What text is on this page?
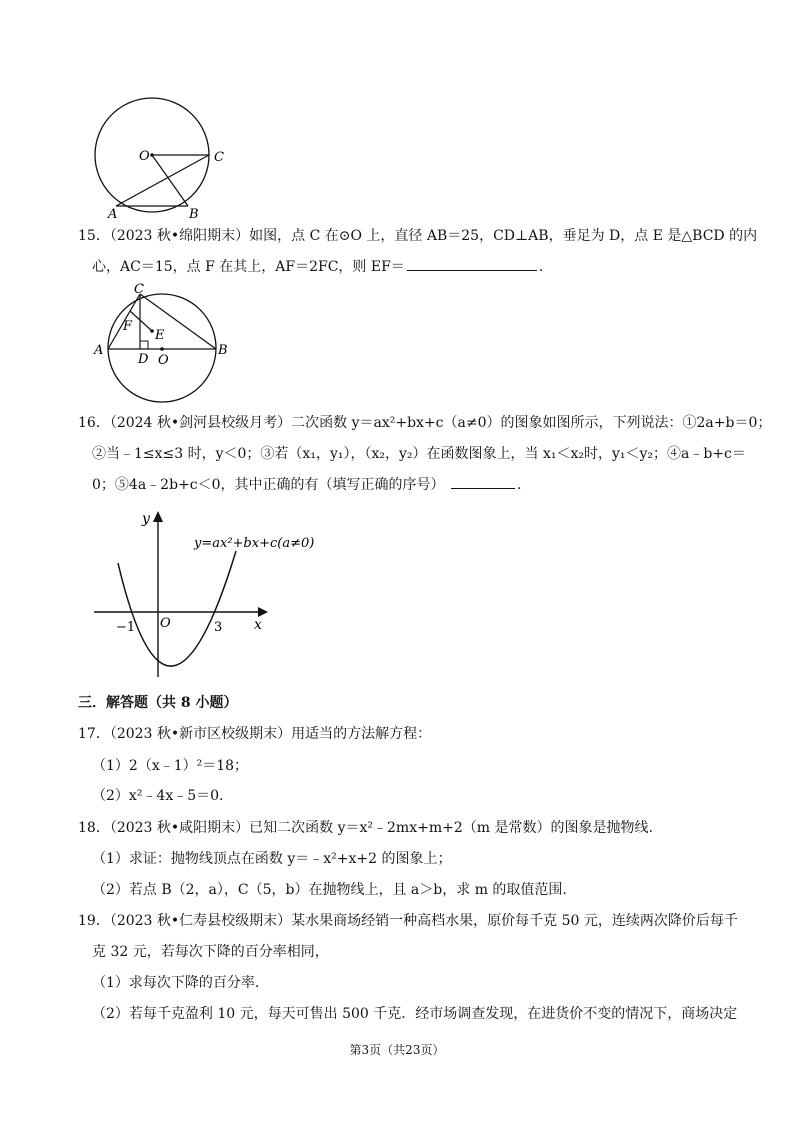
O	C
A	B
15．（2023 秋•绵阳期末）如图，点 C 在⊙O 上，直径 AB＝25，CD⊥AB，垂足为 D，点 E 是△BCD 的内
心，AC＝15，点 F 在其上，AF＝2FC，则 EF＝	.
C
F
E
A
D O
B
16．（2024 秋•剑河县校级月考）二次函数 y＝ax²+bx+c（a≠0）的图象如图所示，下列说法：①2a+b＝0；
②当﹣1≤x≤3 时，y＜0；③若（x₁，y₁），（x₂，y₂）在函数图象上，当 x₁＜x₂时，y₁＜y₂；④a﹣b+c＝
0；⑤4a﹣2b+c＜0，其中正确的有（填写正确的序号）	.
y
x
O
−1	3
y=ax²+bx+c(a≠0)
三．解答题（共 8 小题）
17．（2023 秋•新市区校级期末）用适当的方法解方程：
（1）2（x﹣1）²＝18；
（2）x²﹣4x﹣5＝0.
18．（2023 秋•咸阳期末）已知二次函数 y＝x²﹣2mx+m+2（m 是常数）的图象是抛物线.
（1）求证：抛物线顶点在函数 y＝﹣x²+x+2 的图象上；
（2）若点 B（2，a），C（5，b）在抛物线上，且 a＞b，求 m 的取值范围.
19．（2023 秋•仁寿县校级期末）某水果商场经销一种高档水果，原价每千克 50 元，连续两次降价后每千
克 32 元，若每次下降的百分率相同，
（1）求每次下降的百分率.
（2）若每千克盈利 10 元，每天可售出 500 千克．经市场调查发现，在进货价不变的情况下，商场决定
第3页（共23页）
